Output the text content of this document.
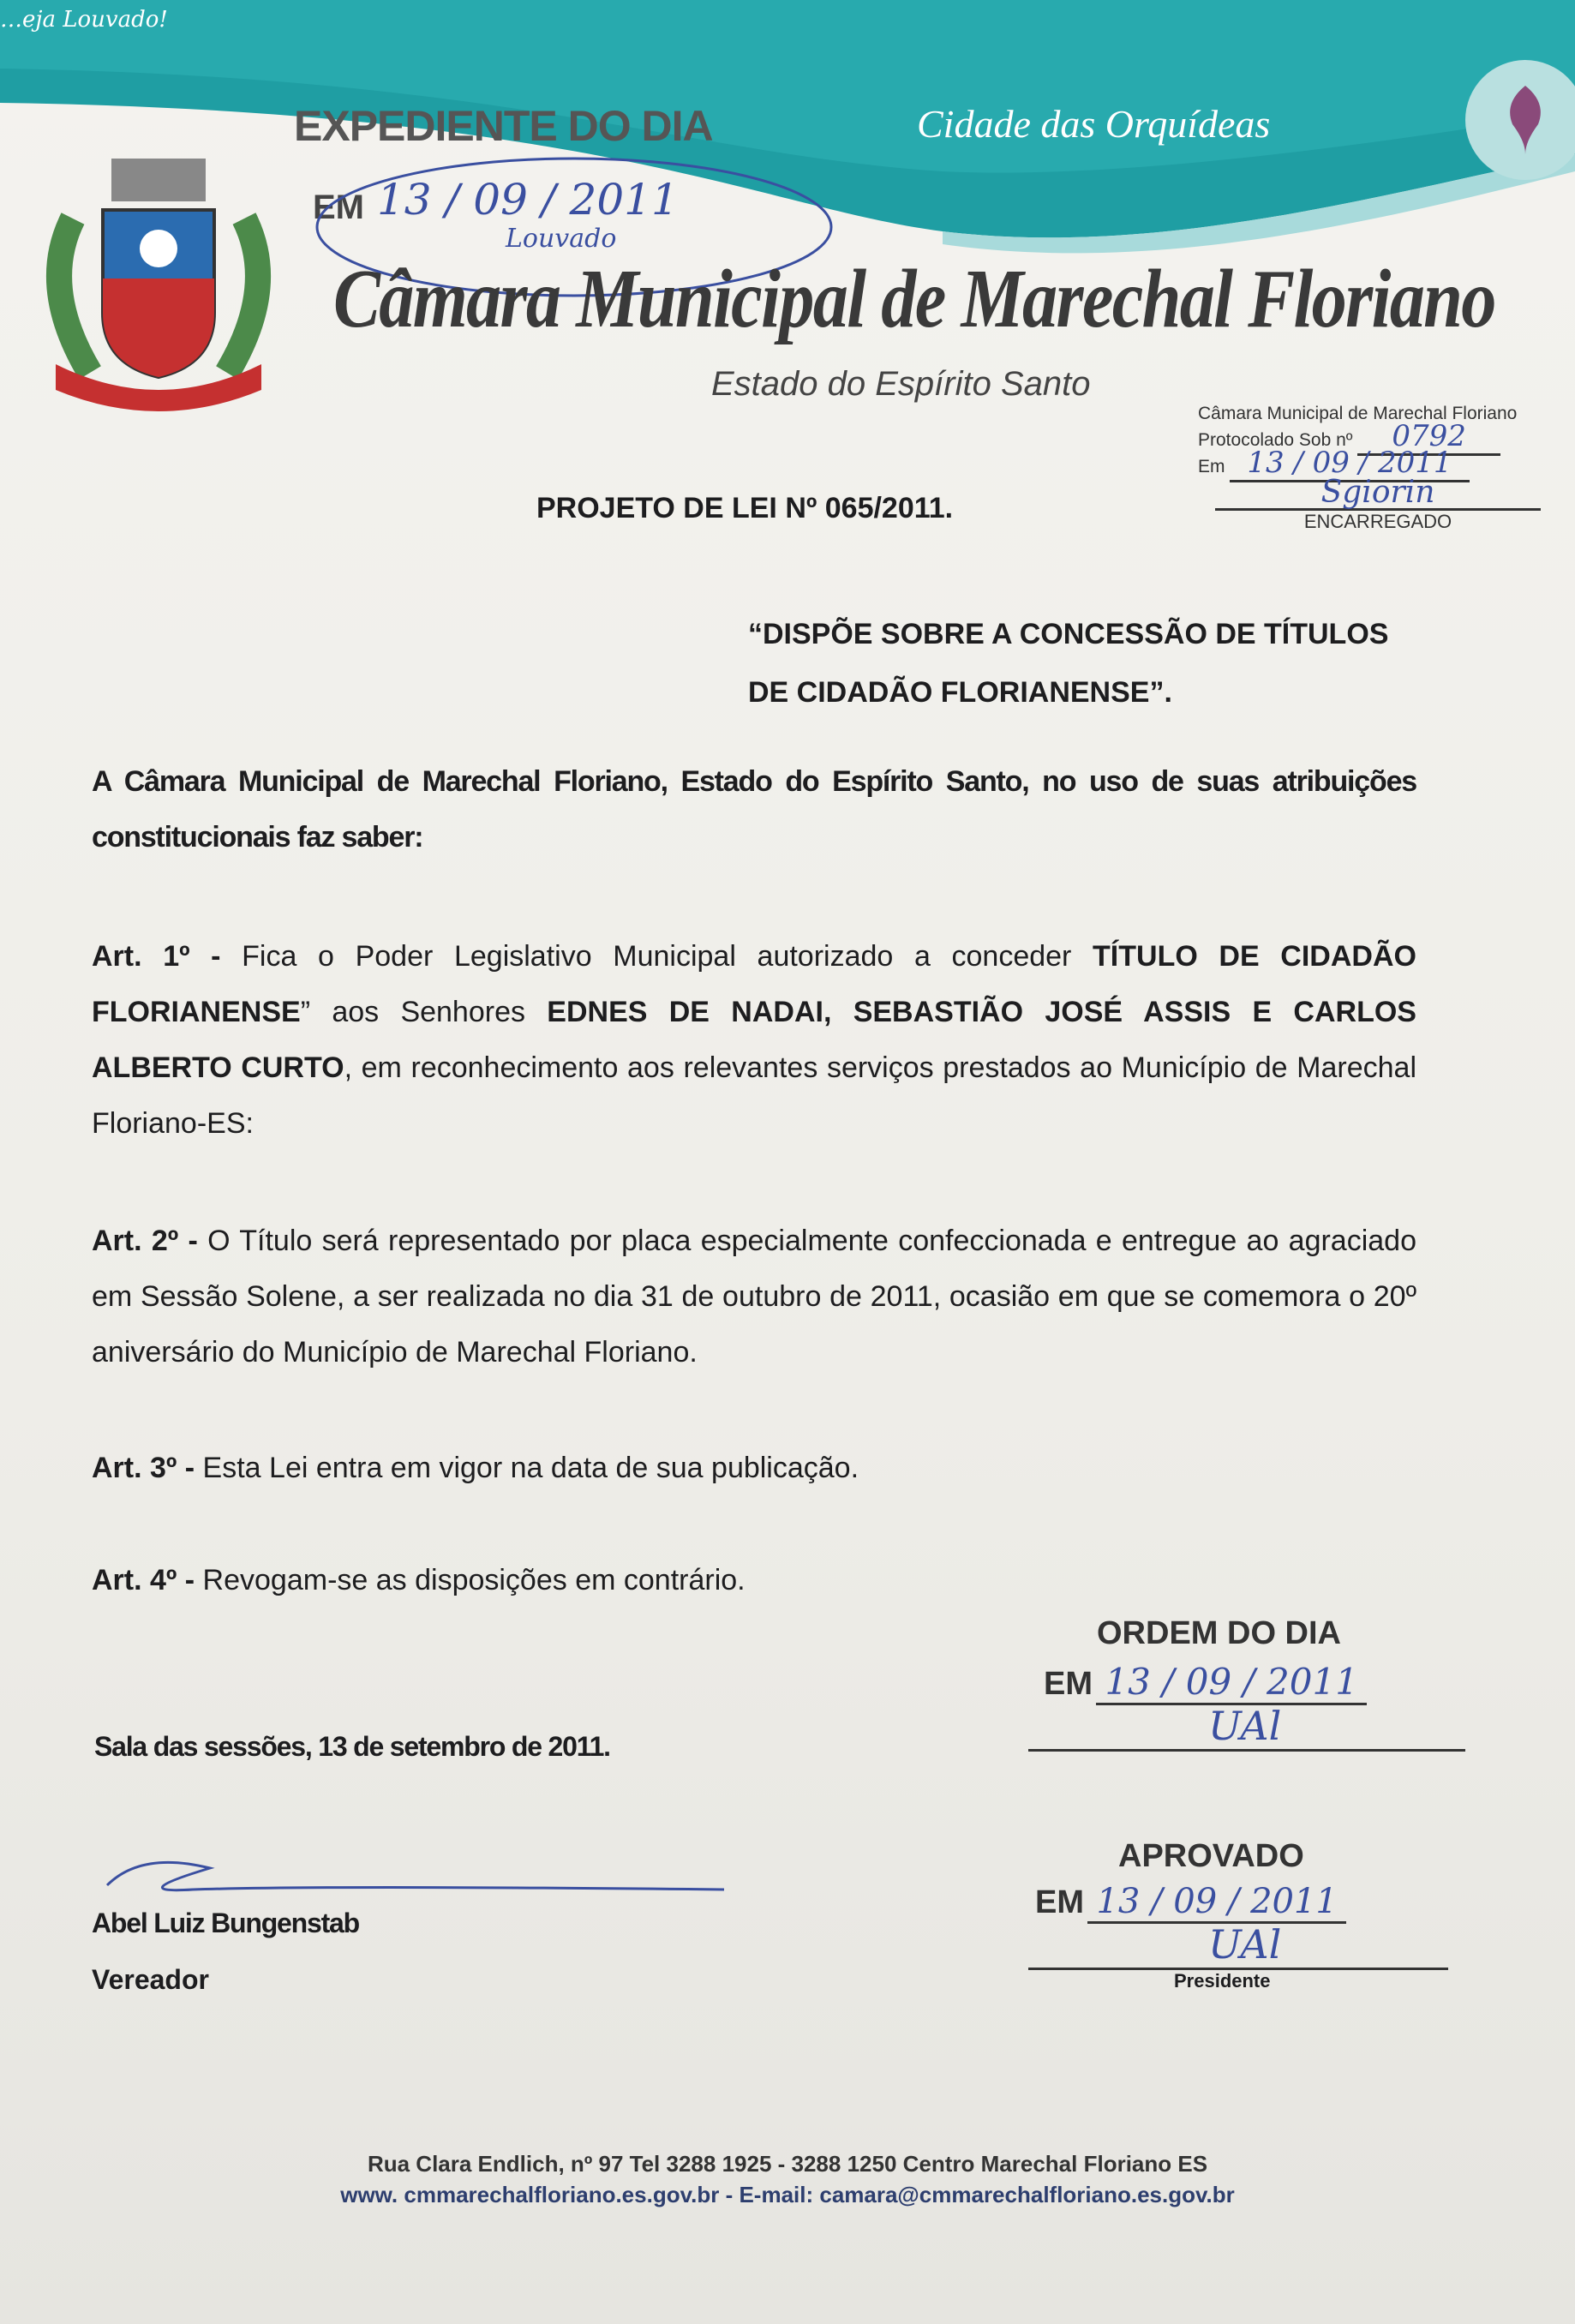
…eja Louvado!
EXPEDIENTE DO DIA	Cidade das Orquídeas
EM 13 / 09 / 2011
Louvado
Câmara Municipal de Marechal Floriano
Estado do Espírito Santo
Câmara Municipal de Marechal Floriano
Protocolado Sob nº 0792
Em 13 / 09 / 2011
Sgiorin
ENCARREGADO
PROJETO DE LEI Nº 065/2011.
“DISPÕE SOBRE A CONCESSÃO DE TÍTULOS
DE CIDADÃO FLORIANENSE”.
A Câmara Municipal de Marechal Floriano, Estado do Espírito Santo, no uso de suas atribuições constitucionais faz saber:
Art. 1º - Fica o Poder Legislativo Municipal autorizado a conceder TÍTULO DE CIDADÃO FLORIANENSE” aos Senhores EDNES DE NADAI, SEBASTIÃO JOSÉ ASSIS E CARLOS ALBERTO CURTO, em reconhecimento aos relevantes serviços prestados ao Município de Marechal Floriano-ES:
Art. 2º - O Título será representado por placa especialmente confeccionada e entregue ao agraciado em Sessão Solene, a ser realizada no dia 31 de outubro de 2011, ocasião em que se comemora o 20º aniversário do Município de Marechal Floriano.
Art. 3º - Esta Lei entra em vigor na data de sua publicação.
Art. 4º - Revogam-se as disposições em contrário.
Sala das sessões, 13 de setembro de 2011.
Abel Luiz Bungenstab
Vereador
ORDEM DO DIA
EM 13 / 09 / 2011
UAl
APROVADO
EM 13 / 09 / 2011
UAl
Presidente
Rua Clara Endlich, nº 97 Tel 3288 1925 - 3288 1250 Centro Marechal Floriano ES
www. cmmarechalfloriano.es.gov.br - E-mail: camara@cmmarechalfloriano.es.gov.br
